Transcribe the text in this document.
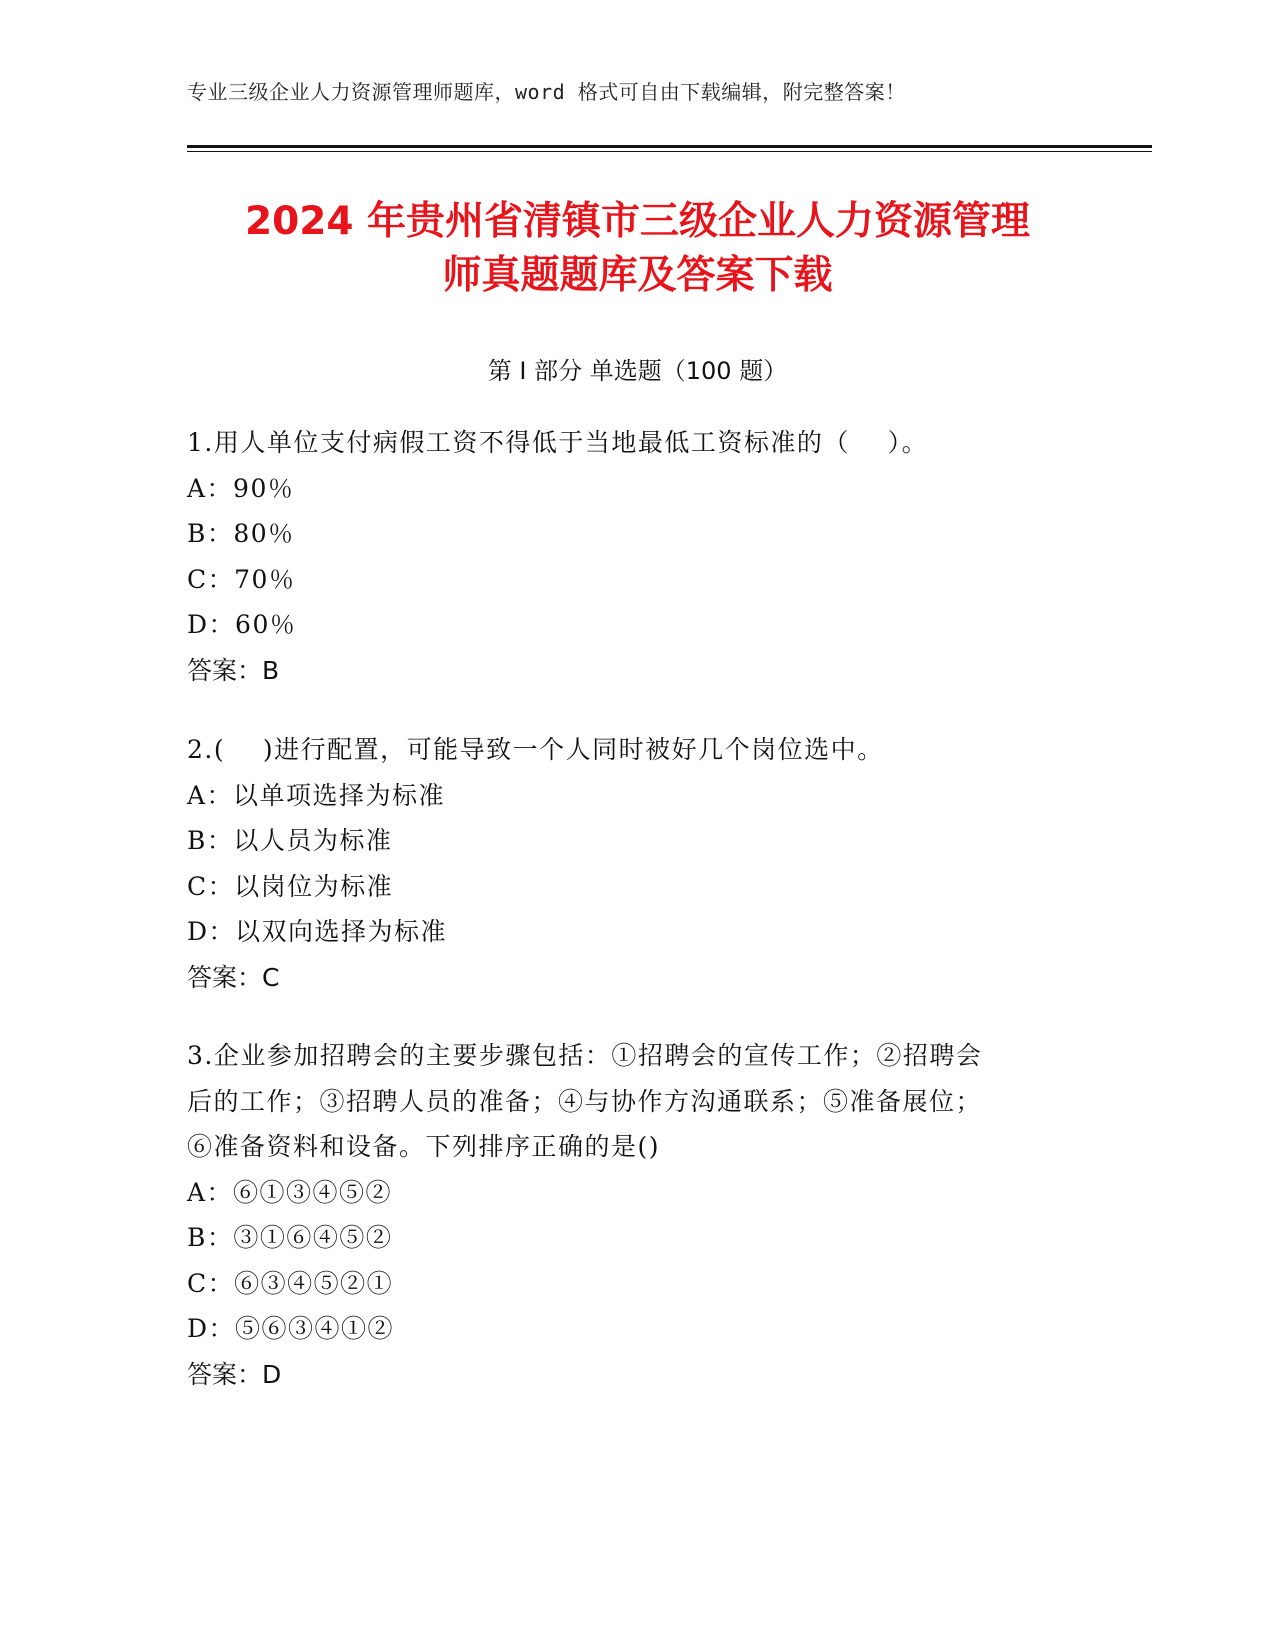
专业三级企业人力资源管理师题库，word 格式可自由下载编辑，附完整答案！
2024 年贵州省清镇市三级企业人力资源管理
师真题题库及答案下载
第 I 部分 单选题（100 题）
1.用人单位支付病假工资不得低于当地最低工资标准的（    ）。
A：90％
B：80％
C：70％
D：60％
答案：B
2.(    )进行配置，可能导致一个人同时被好几个岗位选中。
A：以单项选择为标准
B：以人员为标准
C：以岗位为标准
D：以双向选择为标准
答案：C
3.企业参加招聘会的主要步骤包括：①招聘会的宣传工作；②招聘会
后的工作；③招聘人员的准备；④与协作方沟通联系；⑤准备展位；
⑥准备资料和设备。下列排序正确的是()
A：⑥①③④⑤②
B：③①⑥④⑤②
C：⑥③④⑤②①
D：⑤⑥③④①②
答案：D
